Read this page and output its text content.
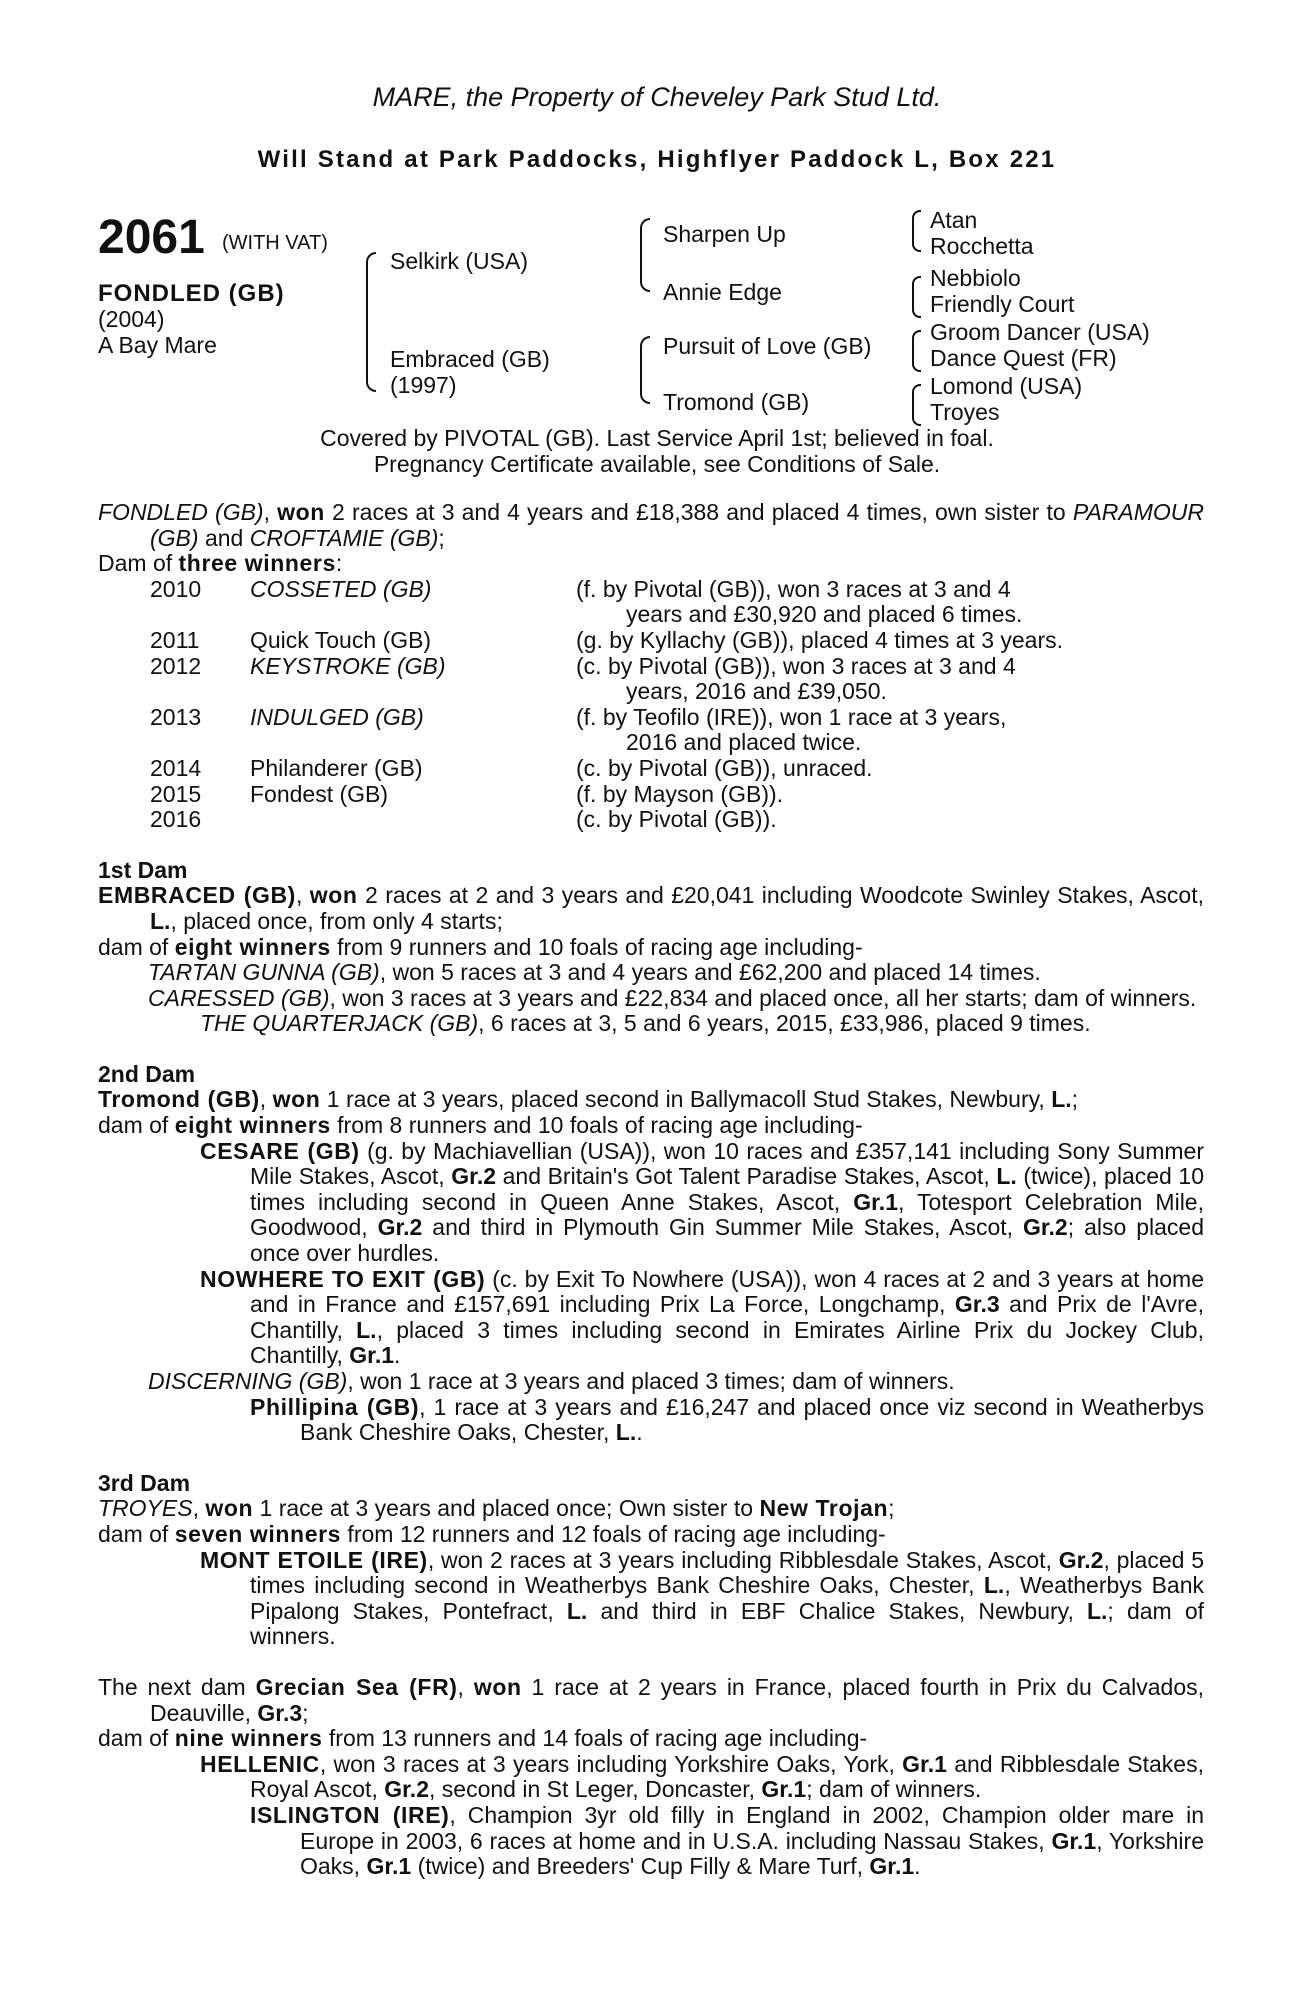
MARE, the Property of Cheveley Park Stud Ltd.
Will Stand at Park Paddocks, Highflyer Paddock L, Box 221
2061 (WITH VAT)
FONDLED (GB)
(2004)
A Bay Mare
Selkirk (USA)
Embraced (GB)
(1997)
Sharpen Up
Annie Edge
Pursuit of Love (GB)
Tromond (GB)
Atan
Rocchetta
Nebbiolo
Friendly Court
Groom Dancer (USA)
Dance Quest (FR)
Lomond (USA)
Troyes
Covered by PIVOTAL (GB). Last Service April 1st; believed in foal.
Pregnancy Certificate available, see Conditions of Sale.

FONDLED (GB), won 2 races at 3 and 4 years and £18,388 and placed 4 times, own sister to PARAMOUR (GB) and CROFTAMIE (GB);

Dam of three winners:

2010	COSSETED (GB)	(f. by Pivotal (GB)), won 3 races at 3 and 4
years and £30,920 and placed 6 times.
2011	Quick Touch (GB)	(g. by Kyllachy (GB)), placed 4 times at 3 years.
2012	KEYSTROKE (GB)	(c. by Pivotal (GB)), won 3 races at 3 and 4
years, 2016 and £39,050.
2013	INDULGED (GB)	(f. by Teofilo (IRE)), won 1 race at 3 years,
2016 and placed twice.
2014	Philanderer (GB)	(c. by Pivotal (GB)), unraced.
2015	Fondest (GB)	(f. by Mayson (GB)).
2016	(c. by Pivotal (GB)).

1st Dam

EMBRACED (GB), won 2 races at 2 and 3 years and £20,041 including Woodcote Swinley Stakes, Ascot, L., placed once, from only 4 starts;

dam of eight winners from 9 runners and 10 foals of racing age including-

TARTAN GUNNA (GB), won 5 races at 3 and 4 years and £62,200 and placed 14 times.

CARESSED (GB), won 3 races at 3 years and £22,834 and placed once, all her starts; dam of winners.

THE QUARTERJACK (GB), 6 races at 3, 5 and 6 years, 2015, £33,986, placed 9 times.

2nd Dam

Tromond (GB), won 1 race at 3 years, placed second in Ballymacoll Stud Stakes, Newbury, L.;

dam of eight winners from 8 runners and 10 foals of racing age including-

CESARE (GB) (g. by Machiavellian (USA)), won 10 races and £357,141 including Sony Summer Mile Stakes, Ascot, Gr.2 and Britain's Got Talent Paradise Stakes, Ascot, L. (twice), placed 10 times including second in Queen Anne Stakes, Ascot, Gr.1, Totesport Celebration Mile, Goodwood, Gr.2 and third in Plymouth Gin Summer Mile Stakes, Ascot, Gr.2; also placed once over hurdles.

NOWHERE TO EXIT (GB) (c. by Exit To Nowhere (USA)), won 4 races at 2 and 3 years at home and in France and £157,691 including Prix La Force, Longchamp, Gr.3 and Prix de l'Avre, Chantilly, L., placed 3 times including second in Emirates Airline Prix du Jockey Club, Chantilly, Gr.1.

DISCERNING (GB), won 1 race at 3 years and placed 3 times; dam of winners.

Phillipina (GB), 1 race at 3 years and £16,247 and placed once viz second in Weatherbys Bank Cheshire Oaks, Chester, L..

3rd Dam

TROYES, won 1 race at 3 years and placed once; Own sister to New Trojan;

dam of seven winners from 12 runners and 12 foals of racing age including-

MONT ETOILE (IRE), won 2 races at 3 years including Ribblesdale Stakes, Ascot, Gr.2, placed 5 times including second in Weatherbys Bank Cheshire Oaks, Chester, L., Weatherbys Bank Pipalong Stakes, Pontefract, L. and third in EBF Chalice Stakes, Newbury, L.; dam of winners.

The next dam Grecian Sea (FR), won 1 race at 2 years in France, placed fourth in Prix du Calvados, Deauville, Gr.3;

dam of nine winners from 13 runners and 14 foals of racing age including-

HELLENIC, won 3 races at 3 years including Yorkshire Oaks, York, Gr.1 and Ribblesdale Stakes, Royal Ascot, Gr.2, second in St Leger, Doncaster, Gr.1; dam of winners.

ISLINGTON (IRE), Champion 3yr old filly in England in 2002, Champion older mare in Europe in 2003, 6 races at home and in U.S.A. including Nassau Stakes, Gr.1, Yorkshire Oaks, Gr.1 (twice) and Breeders' Cup Filly & Mare Turf, Gr.1.
